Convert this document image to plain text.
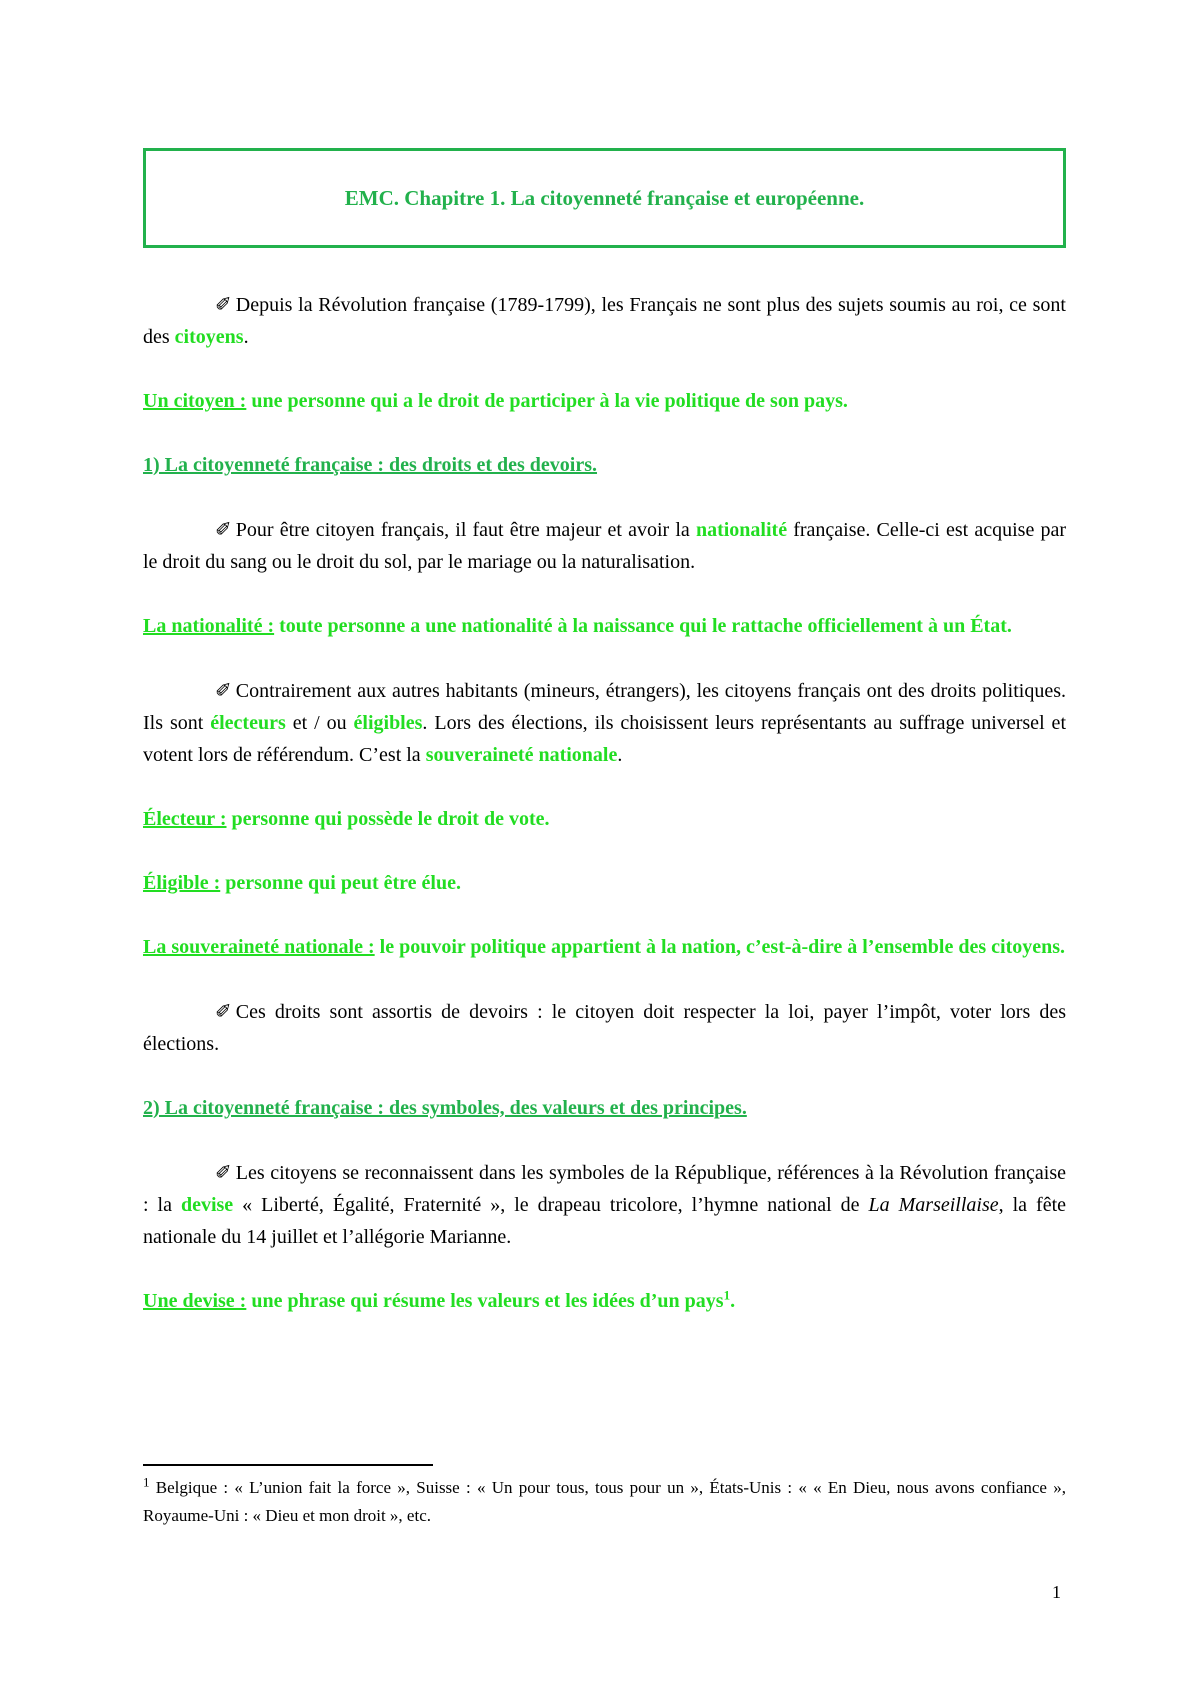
EMC. Chapitre 1. La citoyenneté française et européenne.

✐ Depuis la Révolution française (1789-1799), les Français ne sont plus des sujets soumis au roi, ce sont des citoyens.

Un citoyen : une personne qui a le droit de participer à la vie politique de son pays.

1) La citoyenneté française : des droits et des devoirs.

✐ Pour être citoyen français, il faut être majeur et avoir la nationalité française. Celle-ci est acquise par le droit du sang ou le droit du sol, par le mariage ou la naturalisation.

La nationalité : toute personne a une nationalité à la naissance qui le rattache officiellement à un État.

✐ Contrairement aux autres habitants (mineurs, étrangers), les citoyens français ont des droits politiques. Ils sont électeurs et / ou éligibles. Lors des élections, ils choisissent leurs représentants au suffrage universel et votent lors de référendum. C’est la souveraineté nationale.

Électeur : personne qui possède le droit de vote.

Éligible : personne qui peut être élue.

La souveraineté nationale : le pouvoir politique appartient à la nation, c’est-à-dire à l’ensemble des citoyens.

✐ Ces droits sont assortis de devoirs : le citoyen doit respecter la loi, payer l’impôt, voter lors des élections.

2) La citoyenneté française : des symboles, des valeurs et des principes.

✐ Les citoyens se reconnaissent dans les symboles de la République, références à la Révolution française : la devise « Liberté, Égalité, Fraternité », le drapeau tricolore, l’hymne national de La Marseillaise, la fête nationale du 14 juillet et l’allégorie Marianne.

Une devise : une phrase qui résume les valeurs et les idées d’un pays$^1$.

$^1$ Belgique : « L’union fait la force », Suisse : « Un pour tous, tous pour un », États-Unis : « « En Dieu, nous avons confiance », Royaume-Uni : « Dieu et mon droit », etc.
1
